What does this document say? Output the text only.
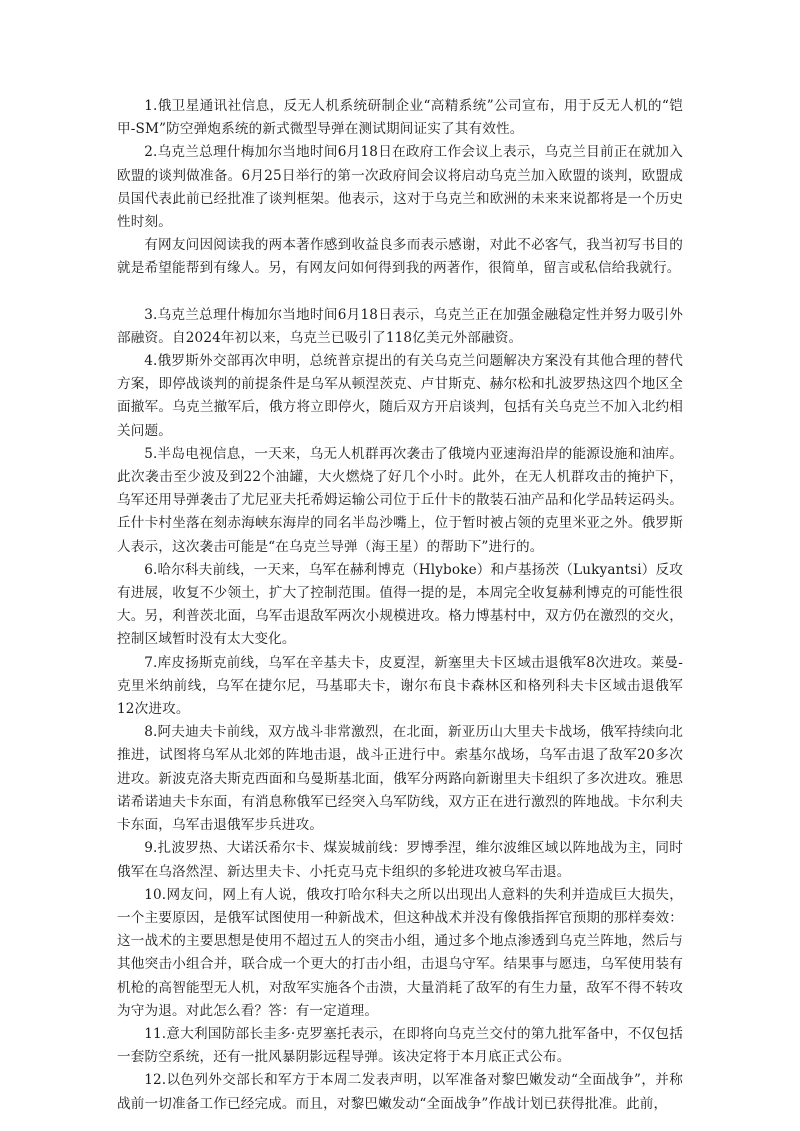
1.俄卫星通讯社信息，反无人机系统研制企业“高精系统”公司宣布，用于反无人机的“铠甲-SM”防空弹炮系统的新式微型导弹在测试期间证实了其有效性。

2.乌克兰总理什梅加尔当地时间6月18日在政府工作会议上表示，乌克兰目前正在就加入欧盟的谈判做准备。6月25日举行的第一次政府间会议将启动乌克兰加入欧盟的谈判，欧盟成员国代表此前已经批准了谈判框架。他表示，这对于乌克兰和欧洲的未来来说都将是一个历史性时刻。

有网友问因阅读我的两本著作感到收益良多而表示感谢，对此不必客气，我当初写书目的就是希望能帮到有缘人。另，有网友问如何得到我的两著作，很简单，留言或私信给我就行。

3.乌克兰总理什梅加尔当地时间6月18日表示，乌克兰正在加强金融稳定性并努力吸引外部融资。自2024年初以来，乌克兰已吸引了118亿美元外部融资。

4.俄罗斯外交部再次申明，总统普京提出的有关乌克兰问题解决方案没有其他合理的替代方案，即停战谈判的前提条件是乌军从顿涅茨克、卢甘斯克、赫尔松和扎波罗热这四个地区全面撤军。乌克兰撤军后，俄方将立即停火，随后双方开启谈判，包括有关乌克兰不加入北约相关问题。

5.半岛电视信息，一天来，乌无人机群再次袭击了俄境内亚速海沿岸的能源设施和油库。此次袭击至少波及到22个油罐，大火燃烧了好几个小时。此外，在无人机群攻击的掩护下，乌军还用导弹袭击了尤尼亚夫托希姆运输公司位于丘什卡的散装石油产品和化学品转运码头。丘什卡村坐落在刻赤海峡东海岸的同名半岛沙嘴上，位于暂时被占领的克里米亚之外。俄罗斯人表示，这次袭击可能是“在乌克兰导弹（海王星）的帮助下”进行的。

6.哈尔科夫前线，一天来，乌军在赫利博克（Hlyboke）和卢基扬茨（Lukyantsi）反攻有进展，收复不少领土，扩大了控制范围。值得一提的是，本周完全收复赫利博克的可能性很大。另，利普茨北面，乌军击退敌军两次小规模进攻。格力博基村中，双方仍在激烈的交火，控制区域暂时没有太大变化。

7.库皮扬斯克前线，乌军在辛基夫卡，皮夏涅，新塞里夫卡区域击退俄军8次进攻。莱曼-克里米纳前线，乌军在捷尔尼，马基耶夫卡，谢尔布良卡森林区和格列科夫卡区域击退俄军12次进攻。

8.阿夫迪夫卡前线，双方战斗非常激烈，在北面，新亚历山大里夫卡战场，俄军持续向北推进，试图将乌军从北郊的阵地击退，战斗正进行中。索基尔战场，乌军击退了敌军20多次进攻。新波克洛夫斯克西面和乌曼斯基北面，俄军分两路向新谢里夫卡组织了多次进攻。雅思诺希诺迪夫卡东面，有消息称俄军已经突入乌军防线，双方正在进行激烈的阵地战。卡尔利夫卡东面，乌军击退俄军步兵进攻。

9.扎波罗热、大诺沃希尔卡、煤炭城前线：罗博季涅，维尔波维区域以阵地战为主，同时俄军在乌洛然涅、新达里夫卡、小托克马克卡组织的多轮进攻被乌军击退。

10.网友问，网上有人说，俄攻打哈尔科夫之所以出现出人意料的失利并造成巨大损失，一个主要原因，是俄军试图使用一种新战术，但这种战术并没有像俄指挥官预期的那样奏效：这一战术的主要思想是使用不超过五人的突击小组，通过多个地点渗透到乌克兰阵地，然后与其他突击小组合并，联合成一个更大的打击小组，击退乌守军。结果事与愿违，乌军使用装有机枪的高智能型无人机，对敌军实施各个击溃，大量消耗了敌军的有生力量，敌军不得不转攻为守为退。对此怎么看？答：有一定道理。

11.意大利国防部长圭多·克罗塞托表示，在即将向乌克兰交付的第九批军备中，不仅包括一套防空系统，还有一批风暴阴影远程导弹。该决定将于本月底正式公布。

12.以色列外交部长和军方于本周二发表声明，以军准备对黎巴嫩发动“全面战争”，并称战前一切准备工作已经完成。而且，对黎巴嫩发动“全面战争”作战计划已获得批准。此前，
